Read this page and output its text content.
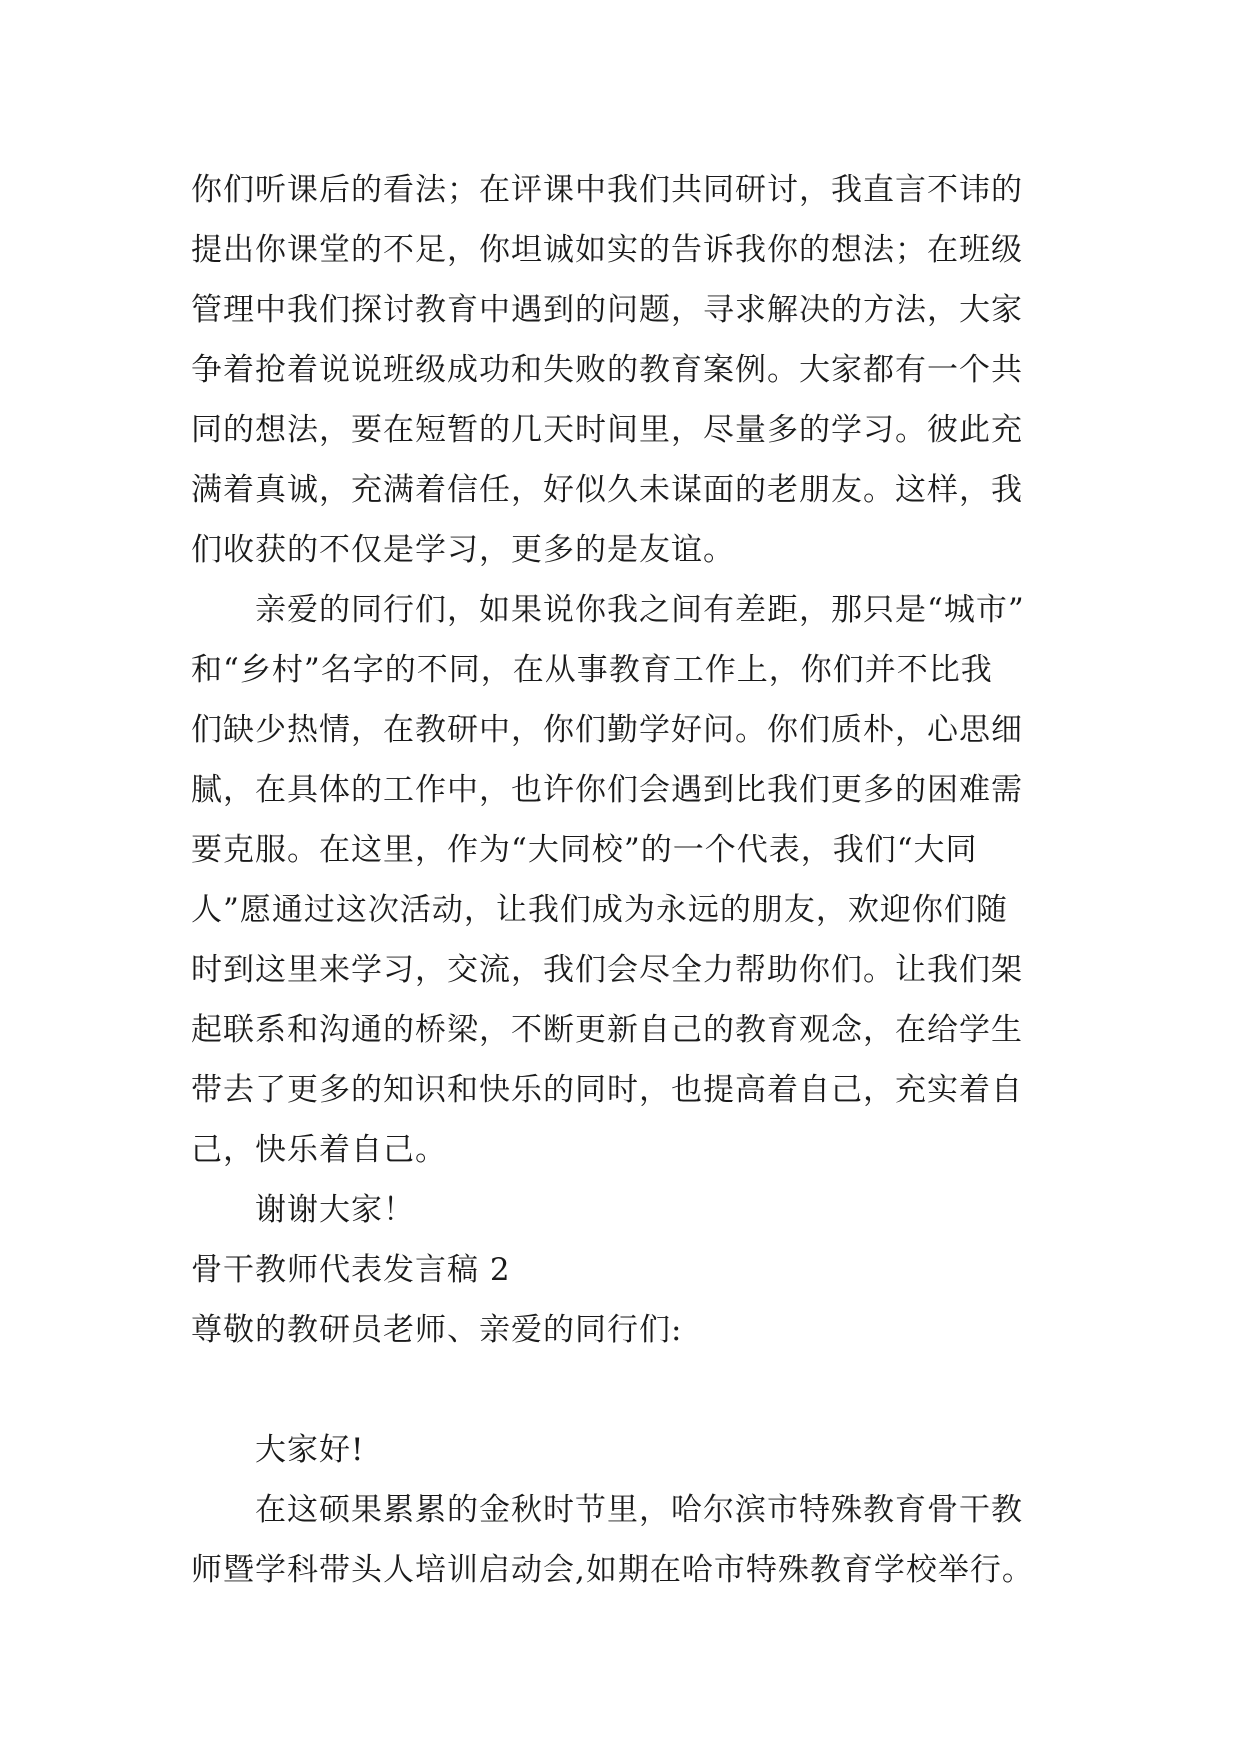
你们听课后的看法；在评课中我们共同研讨，我直言不讳的
提出你课堂的不足，你坦诚如实的告诉我你的想法；在班级
管理中我们探讨教育中遇到的问题，寻求解决的方法，大家
争着抢着说说班级成功和失败的教育案例。大家都有一个共
同的想法，要在短暂的几天时间里，尽量多的学习。彼此充
满着真诚，充满着信任，好似久未谋面的老朋友。这样，我
们收获的不仅是学习，更多的是友谊。
亲爱的同行们，如果说你我之间有差距，那只是“城市”
和“乡村”名字的不同，在从事教育工作上，你们并不比我
们缺少热情，在教研中，你们勤学好问。你们质朴，心思细
腻，在具体的工作中，也许你们会遇到比我们更多的困难需
要克服。在这里，作为“大同校”的一个代表，我们“大同
人”愿通过这次活动，让我们成为永远的朋友，欢迎你们随
时到这里来学习，交流，我们会尽全力帮助你们。让我们架
起联系和沟通的桥梁，不断更新自己的教育观念，在给学生
带去了更多的知识和快乐的同时，也提高着自己，充实着自
己，快乐着自己。
谢谢大家！
骨干教师代表发言稿 2
尊敬的教研员老师、亲爱的同行们:
大家好!
在这硕果累累的金秋时节里，哈尔滨市特殊教育骨干教
师暨学科带头人培训启动会,如期在哈市特殊教育学校举行。
